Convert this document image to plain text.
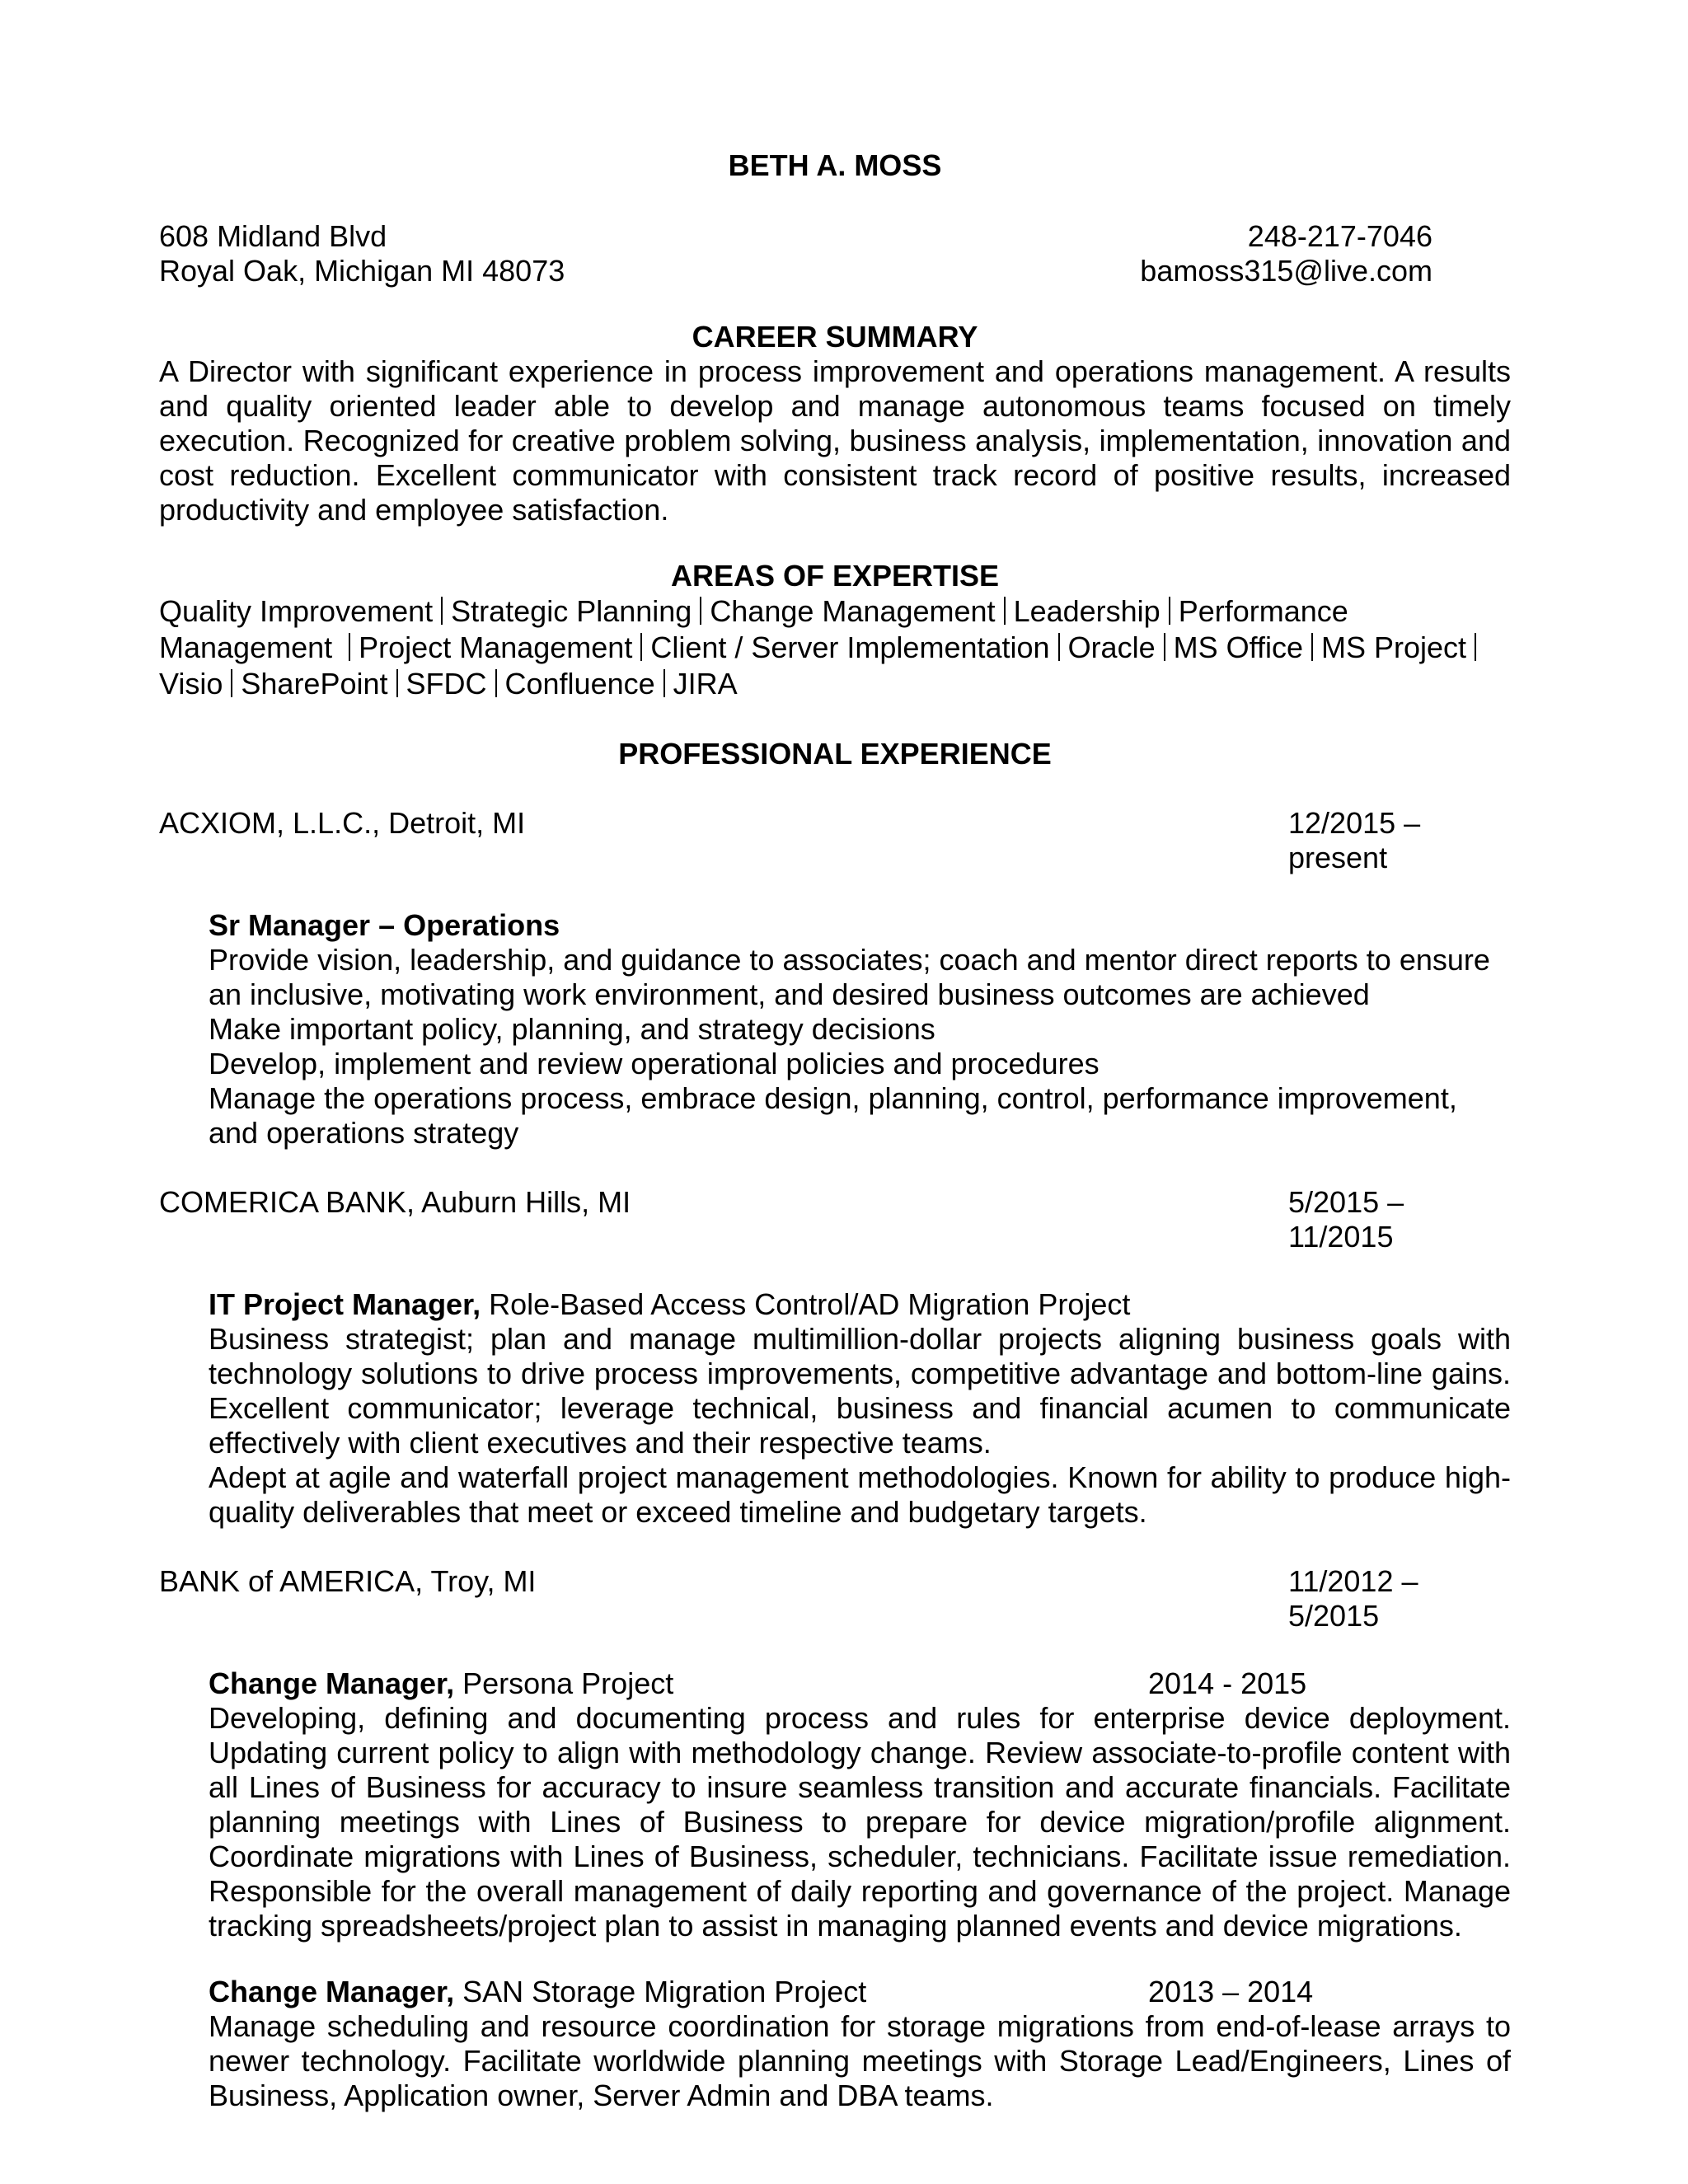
BETH A. MOSS
608 Midland Blvd	248-217-7046
Royal Oak, Michigan MI 48073	bamoss315@live.com
CAREER SUMMARY
A Director with significant experience in process improvement and operations management. A results and quality oriented leader able to develop and manage autonomous teams focused on timely execution. Recognized for creative problem solving, business analysis, implementation, innovation and cost reduction. Excellent communicator with consistent track record of positive results, increased productivity and employee satisfaction.
AREAS OF EXPERTISE
Quality Improvement Strategic Planning Change Management Leadership Performance Management Project Management Client / Server Implementation Oracle MS Office MS Project Visio SharePoint SFDC Confluence JIRA
PROFESSIONAL EXPERIENCE
ACXIOM, L.L.C., Detroit, MI	12/2015 – present
Sr Manager – Operations
Provide vision, leadership, and guidance to associates; coach and mentor direct reports to ensure an inclusive, motivating work environment, and desired business outcomes are achieved
Make important policy, planning, and strategy decisions
Develop, implement and review operational policies and procedures
Manage the operations process, embrace design, planning, control, performance improvement, and operations strategy
COMERICA BANK, Auburn Hills, MI	5/2015 – 11/2015
IT Project Manager, Role-Based Access Control/AD Migration Project
Business strategist; plan and manage multimillion-dollar projects aligning business goals with technology solutions to drive process improvements, competitive advantage and bottom-line gains. Excellent communicator; leverage technical, business and financial acumen to communicate effectively with client executives and their respective teams.
Adept at agile and waterfall project management methodologies. Known for ability to produce high-quality deliverables that meet or exceed timeline and budgetary targets.
BANK of AMERICA, Troy, MI	11/2012 – 5/2015
Change Manager, Persona Project	2014 - 2015
Developing, defining and documenting process and rules for enterprise device deployment. Updating current policy to align with methodology change. Review associate-to-profile content with all Lines of Business for accuracy to insure seamless transition and accurate financials. Facilitate planning meetings with Lines of Business to prepare for device migration/profile alignment. Coordinate migrations with Lines of Business, scheduler, technicians. Facilitate issue remediation. Responsible for the overall management of daily reporting and governance of the project. Manage tracking spreadsheets/project plan to assist in managing planned events and device migrations.
Change Manager, SAN Storage Migration Project	2013 – 2014
Manage scheduling and resource coordination for storage migrations from end-of-lease arrays to newer technology. Facilitate worldwide planning meetings with Storage Lead/Engineers, Lines of Business, Application owner, Server Admin and DBA teams.
